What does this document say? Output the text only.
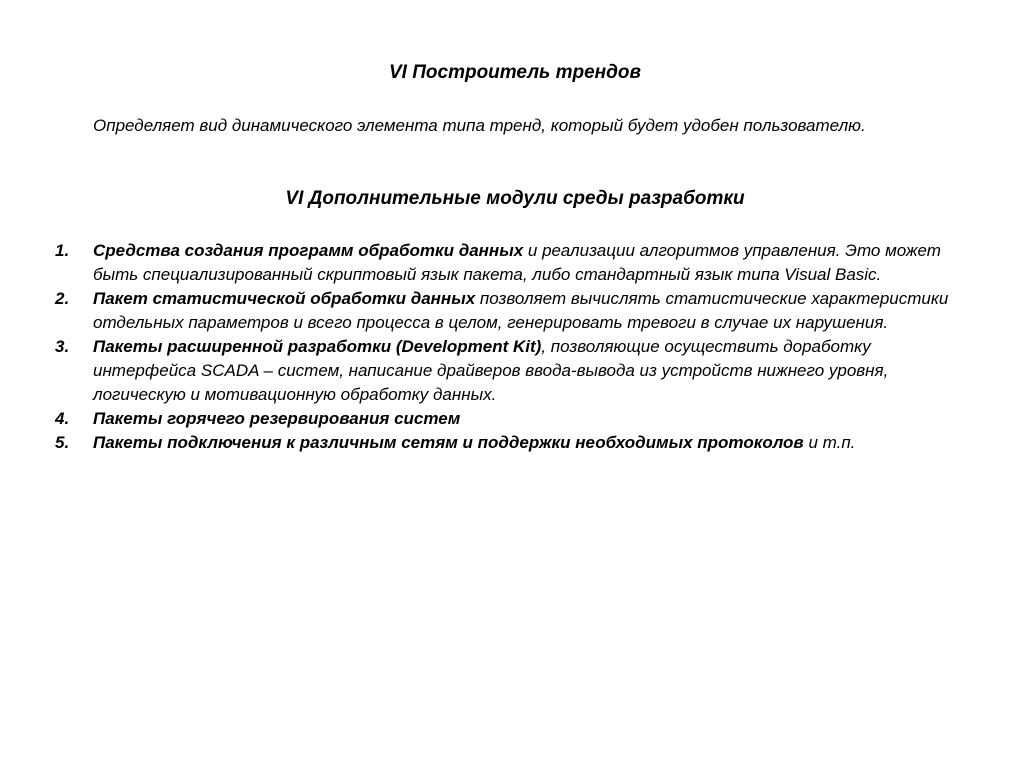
VI Построитель трендов

Определяет вид динамического элемента типа тренд, который будет удобен пользователю.

VI Дополнительные модули среды разработки
1. Средства создания программ обработки данных и реализации алгоритмов управления. Это может быть специализированный скриптовый язык пакета, либо стандартный язык типа Visual Basic.
2. Пакет статистической обработки данных позволяет вычислять статистические характеристики отдельных параметров и всего процесса в целом, генерировать тревоги в случае их нарушения.
3. Пакеты расширенной разработки (Development Kit), позволяющие осуществить доработку интерфейса SCADA – систем, написание драйверов ввода-вывода из устройств нижнего уровня, логическую и мотивационную обработку данных.
4. Пакеты горячего резервирования систем
5. Пакеты подключения к различным сетям и поддержки необходимых протоколов и т.п.
